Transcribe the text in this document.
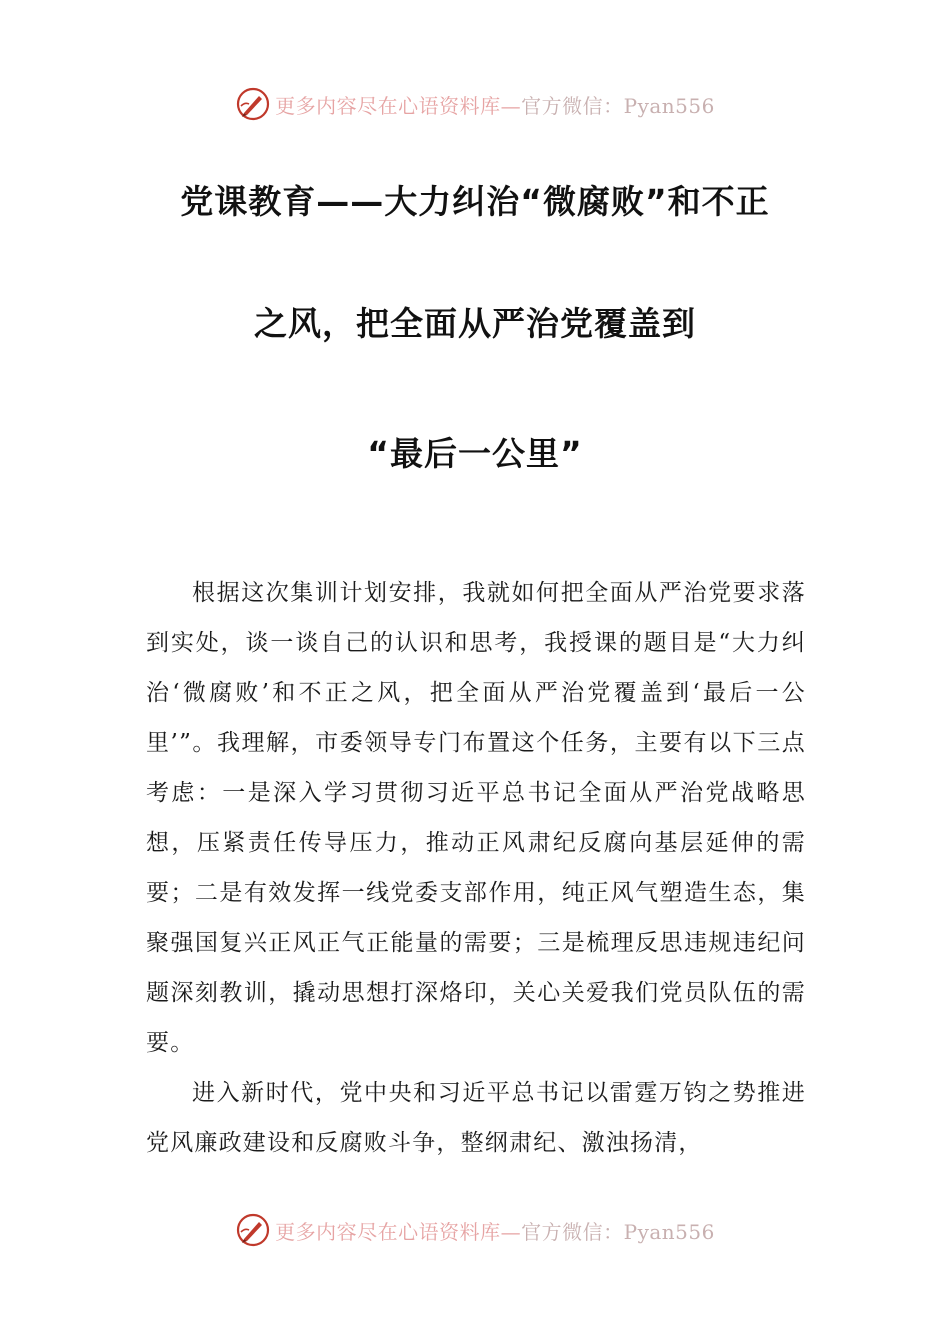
更多内容尽在心语资料库—官方微信：Pyan556
党课教育——大力纠治“微腐败”和不正
之风，把全面从严治党覆盖到
“最后一公里”

根据这次集训计划安排，我就如何把全面从严治党要求落到实处，谈一谈自己的认识和思考，我授课的题目是“大力纠治‘微腐败’和不正之风，把全面从严治党覆盖到‘最后一公里’”。我理解，市委领导专门布置这个任务，主要有以下三点考虑：一是深入学习贯彻习近平总书记全面从严治党战略思想，压紧责任传导压力，推动正风肃纪反腐向基层延伸的需要；二是有效发挥一线党委支部作用，纯正风气塑造生态，集聚强国复兴正风正气正能量的需要；三是梳理反思违规违纪问题深刻教训，撬动思想打深烙印，关心关爱我们党员队伍的需要。

进入新时代，党中央和习近平总书记以雷霆万钧之势推进党风廉政建设和反腐败斗争，整纲肃纪、激浊扬清，

更多内容尽在心语资料库—官方微信：Pyan556
